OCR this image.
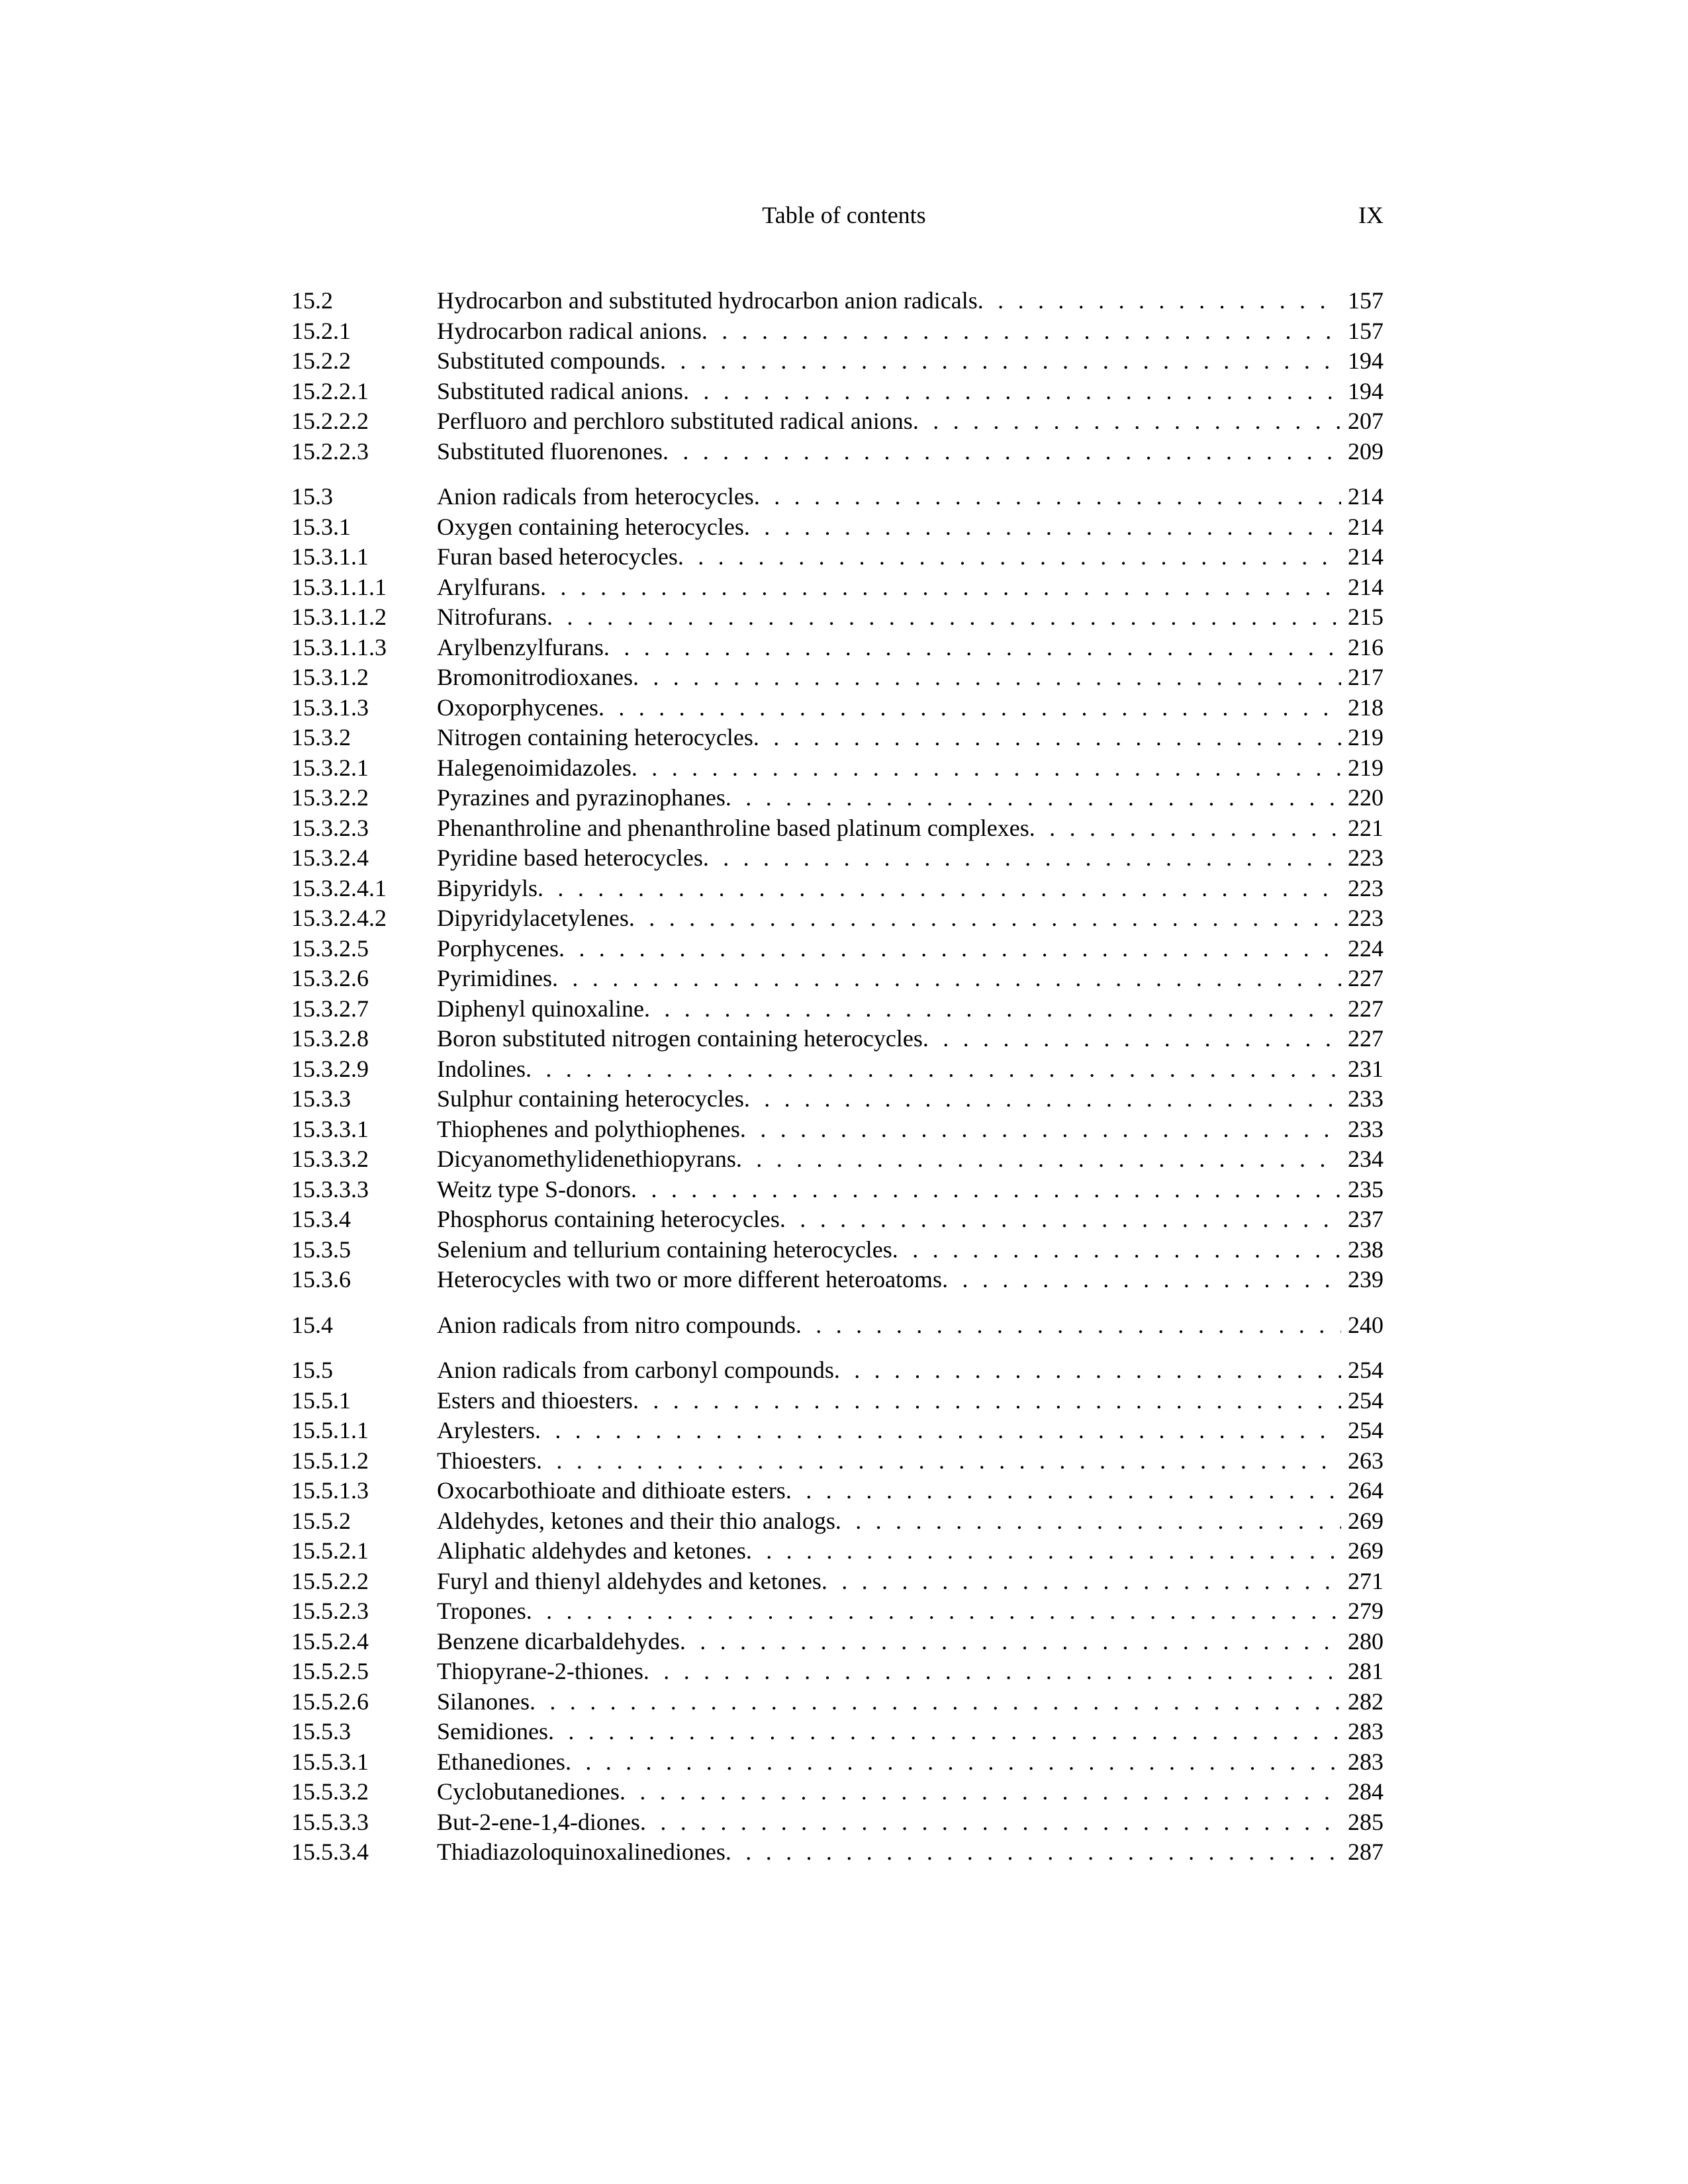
Table of contents	IX
15.2	Hydrocarbon and substituted hydrocarbon anion radicals . . .	157
15.2.1	Hydrocarbon radical anions . . .	157
15.2.2	Substituted compounds . . .	194
15.2.2.1	Substituted radical anions . . .	194
15.2.2.2	Perfluoro and perchloro substituted radical anions . . .	207
15.2.2.3	Substituted fluorenones . . .	209
15.3	Anion radicals from heterocycles . . .	214
15.3.1	Oxygen containing heterocycles . . .	214
15.3.1.1	Furan based heterocycles . . .	214
15.3.1.1.1	Arylfurans . . .	214
15.3.1.1.2	Nitrofurans . . .	215
15.3.1.1.3	Arylbenzylfurans . . .	216
15.3.1.2	Bromonitrodioxanes . . .	217
15.3.1.3	Oxoporphycenes . . .	218
15.3.2	Nitrogen containing heterocycles . . .	219
15.3.2.1	Halegenoimidazoles . . .	219
15.3.2.2	Pyrazines and pyrazinophanes . . .	220
15.3.2.3	Phenanthroline and phenanthroline based platinum complexes . . .	221
15.3.2.4	Pyridine based heterocycles . . .	223
15.3.2.4.1	Bipyridyls . . .	223
15.3.2.4.2	Dipyridylacetylenes . . .	223
15.3.2.5	Porphycenes . . .	224
15.3.2.6	Pyrimidines . . .	227
15.3.2.7	Diphenyl quinoxaline . . .	227
15.3.2.8	Boron substituted nitrogen containing heterocycles . . .	227
15.3.2.9	Indolines . . .	231
15.3.3	Sulphur containing heterocycles . . .	233
15.3.3.1	Thiophenes and polythiophenes . . .	233
15.3.3.2	Dicyanomethylidenethiopyrans . . .	234
15.3.3.3	Weitz type S-donors . . .	235
15.3.4	Phosphorus containing heterocycles . . .	237
15.3.5	Selenium and tellurium containing heterocycles . . .	238
15.3.6	Heterocycles with two or more different heteroatoms . . .	239
15.4	Anion radicals from nitro compounds . . .	240
15.5	Anion radicals from carbonyl compounds . . .	254
15.5.1	Esters and thioesters . . .	254
15.5.1.1	Arylesters . . .	254
15.5.1.2	Thioesters . . .	263
15.5.1.3	Oxocarbothioate and dithioate esters . . .	264
15.5.2	Aldehydes, ketones and their thio analogs . . .	269
15.5.2.1	Aliphatic aldehydes and ketones . . .	269
15.5.2.2	Furyl and thienyl aldehydes and ketones . . .	271
15.5.2.3	Tropones . . .	279
15.5.2.4	Benzene dicarbaldehydes . . .	280
15.5.2.5	Thiopyrane-2-thiones . . .	281
15.5.2.6	Silanones . . .	282
15.5.3	Semidiones . . .	283
15.5.3.1	Ethanediones . . .	283
15.5.3.2	Cyclobutanediones . . .	284
15.5.3.3	But-2-ene-1,4-diones . . .	285
15.5.3.4	Thiadiazoloquinoxalinediones . . .	287
